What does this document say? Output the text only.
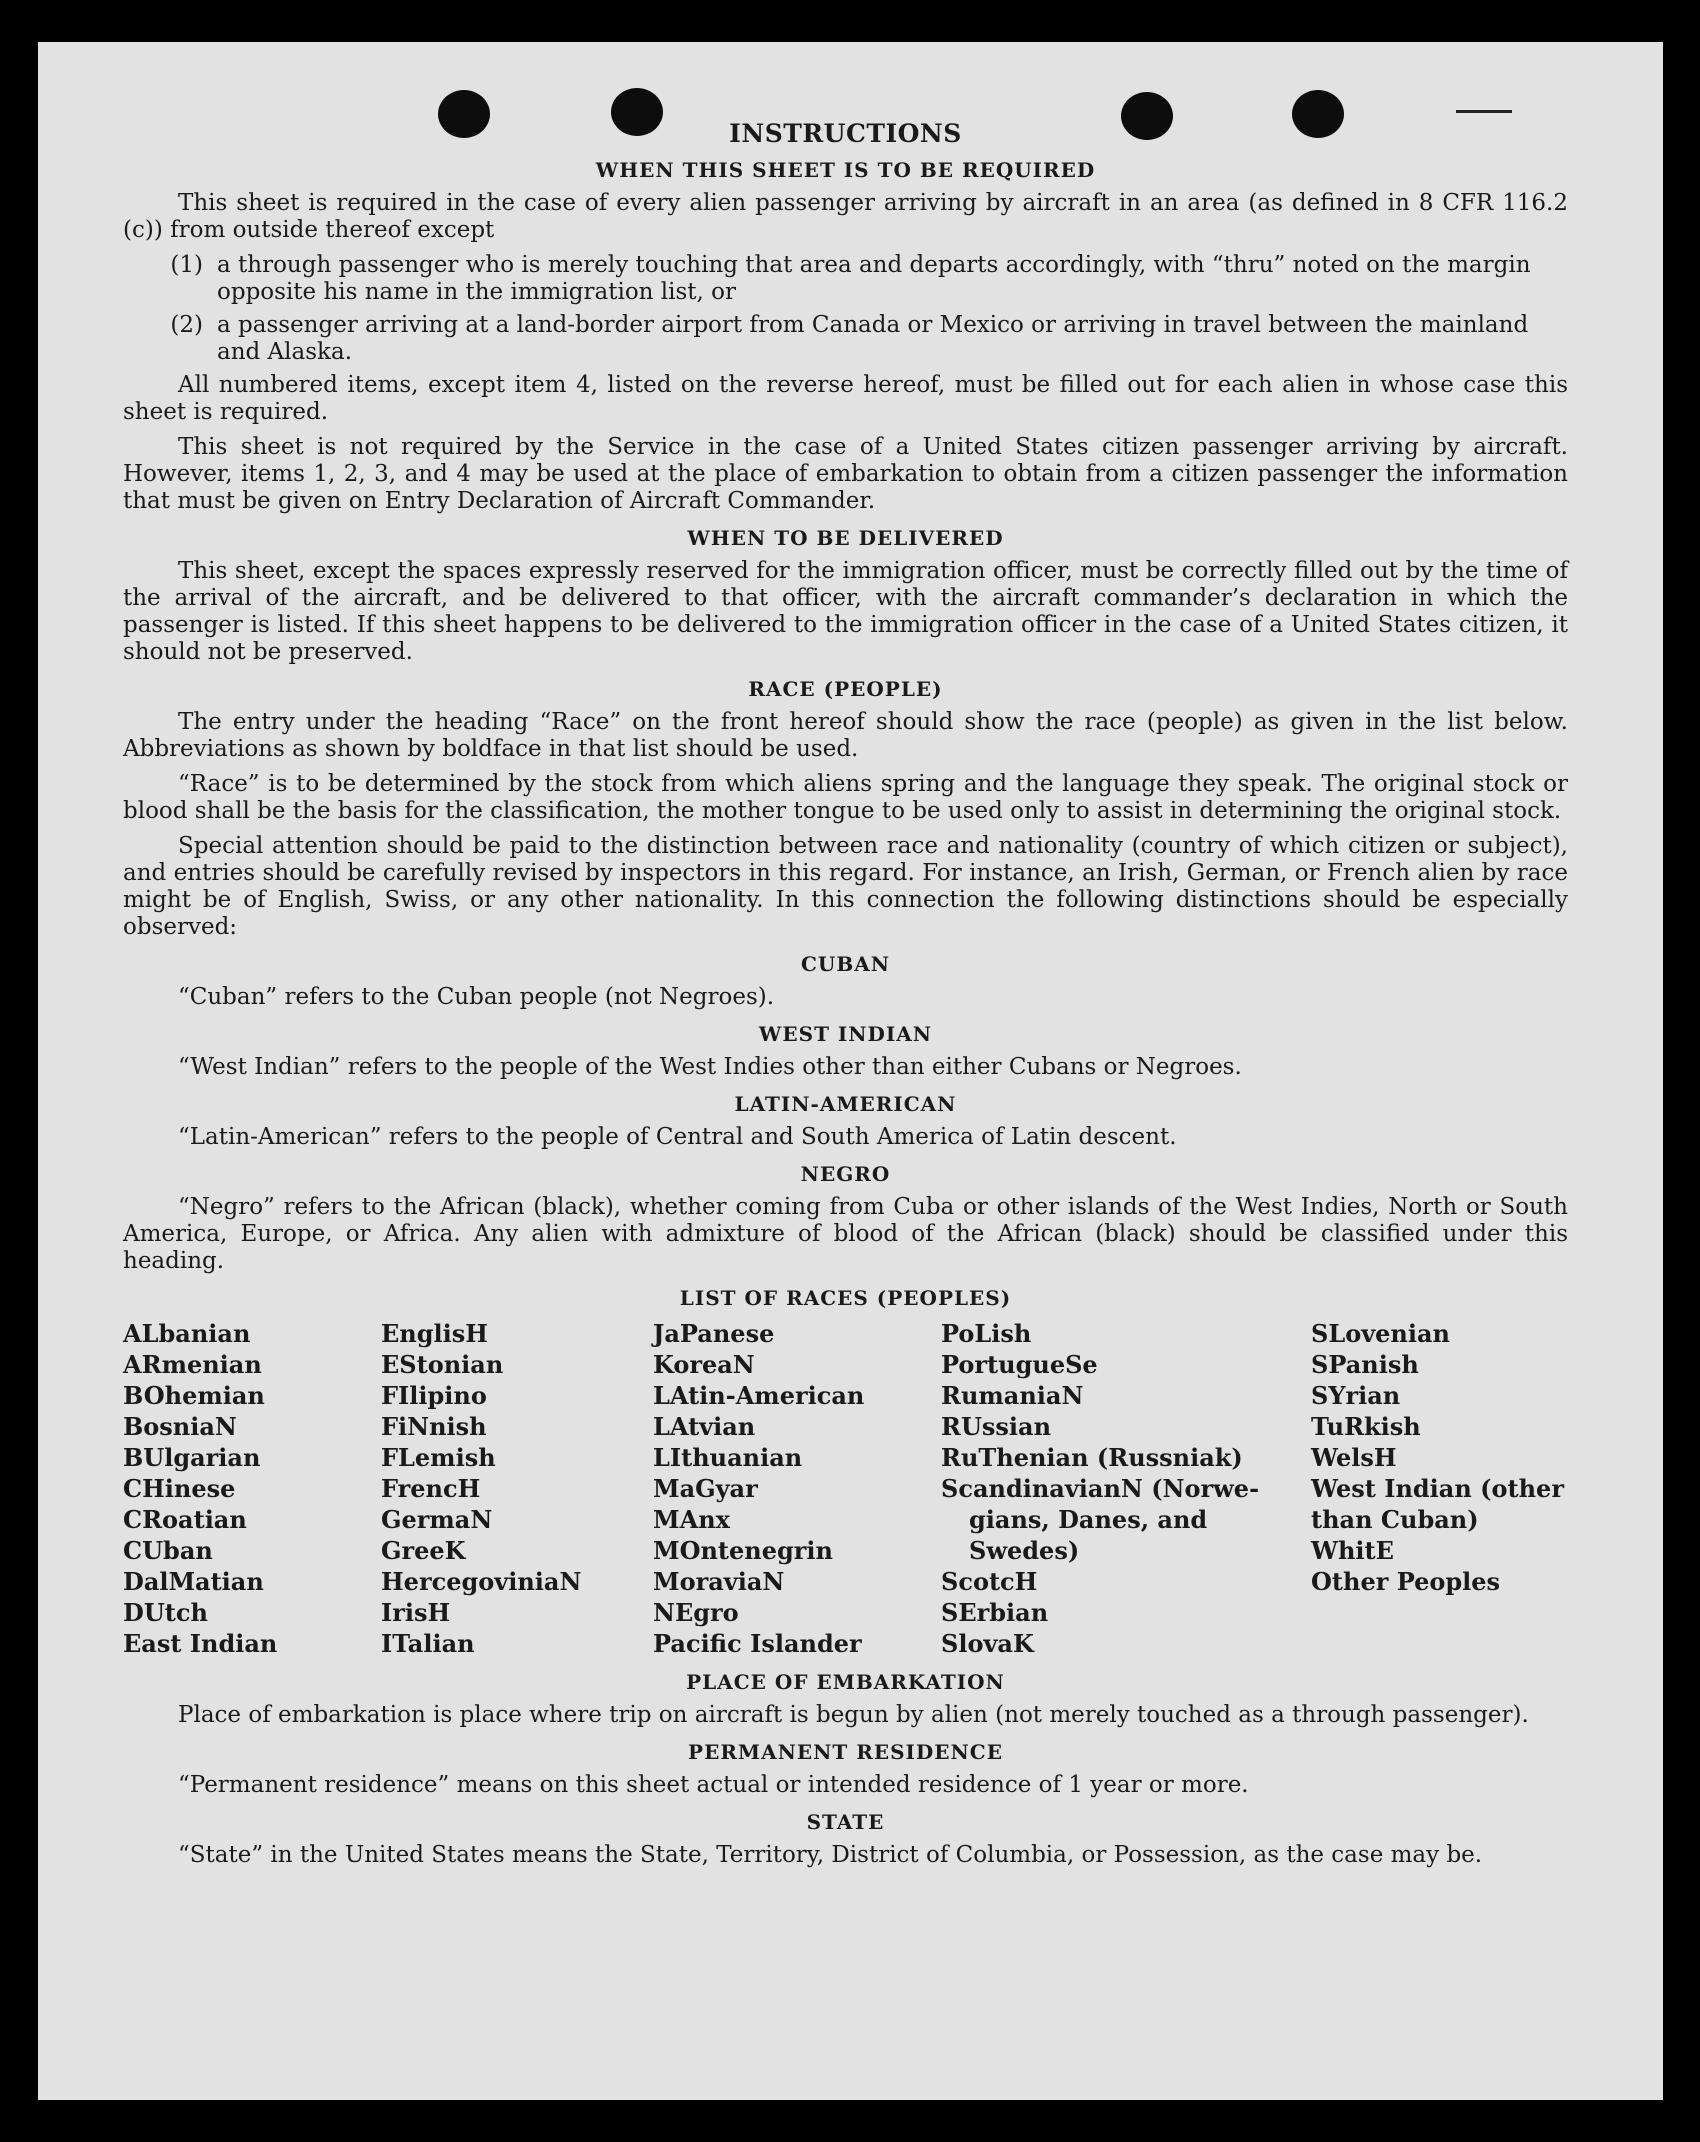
INSTRUCTIONS
WHEN THIS SHEET IS TO BE REQUIRED

This sheet is required in the case of every alien passenger arriving by aircraft in an area (as defined in 8 CFR 116.2 (c)) from outside thereof except

(1) a through passenger who is merely touching that area and departs accordingly, with “thru” noted on the margin opposite his name in the immigration list, or
(2) a passenger arriving at a land-border airport from Canada or Mexico or arriving in travel between the mainland and Alaska.

All numbered items, except item 4, listed on the reverse hereof, must be filled out for each alien in whose case this sheet is required.

This sheet is not required by the Service in the case of a United States citizen passenger arriving by aircraft. However, items 1, 2, 3, and 4 may be used at the place of embarkation to obtain from a citizen passenger the information that must be given on Entry Declaration of Aircraft Commander.

WHEN TO BE DELIVERED

This sheet, except the spaces expressly reserved for the immigration officer, must be correctly filled out by the time of the arrival of the aircraft, and be delivered to that officer, with the aircraft commander’s declaration in which the passenger is listed. If this sheet happens to be delivered to the immigration officer in the case of a United States citizen, it should not be preserved.

RACE (PEOPLE)

The entry under the heading “Race” on the front hereof should show the race (people) as given in the list below. Abbreviations as shown by boldface in that list should be used.

“Race” is to be determined by the stock from which aliens spring and the language they speak. The original stock or blood shall be the basis for the classification, the mother tongue to be used only to assist in determining the original stock.

Special attention should be paid to the distinction between race and nationality (country of which citizen or subject), and entries should be carefully revised by inspectors in this regard. For instance, an Irish, German, or French alien by race might be of English, Swiss, or any other nationality. In this connection the following distinctions should be especially observed:

CUBAN

“Cuban” refers to the Cuban people (not Negroes).

WEST INDIAN

“West Indian” refers to the people of the West Indies other than either Cubans or Negroes.

LATIN-AMERICAN

“Latin-American” refers to the people of Central and South America of Latin descent.

NEGRO

“Negro” refers to the African (black), whether coming from Cuba or other islands of the West Indies, North or South America, Europe, or Africa. Any alien with admixture of blood of the African (black) should be classified under this heading.

LIST OF RACES (PEOPLES)
ALbanian
ARmenian
BOhemian
BosniaN
BUlgarian
CHinese
CRoatian
CUban
DalMatian
DUtch
East Indian
EnglisH
EStonian
FIlipino
FiNnish
FLemish
FrencH
GermaN
GreeK
HercegoviniaN
IrisH
ITalian
JaPanese
KoreaN
LAtin-American
LAtvian
LIthuanian
MaGyar
MAnx
MOntenegrin
MoraviaN
NEgro
Pacific Islander
PoLish
PortugueSe
RumaniaN
RUssian
RuThenian (Russniak)
ScandinavianN (Norwe-
gians, Danes, and
Swedes)
ScotcH
SErbian
SlovaK
SLovenian
SPanish
SYrian
TuRkish
WelsH
West Indian (other
than Cuban)
WhitE
Other Peoples
PLACE OF EMBARKATION

Place of embarkation is place where trip on aircraft is begun by alien (not merely touched as a through passenger).

PERMANENT RESIDENCE

“Permanent residence” means on this sheet actual or intended residence of 1 year or more.

STATE

“State” in the United States means the State, Territory, District of Columbia, or Possession, as the case may be.
